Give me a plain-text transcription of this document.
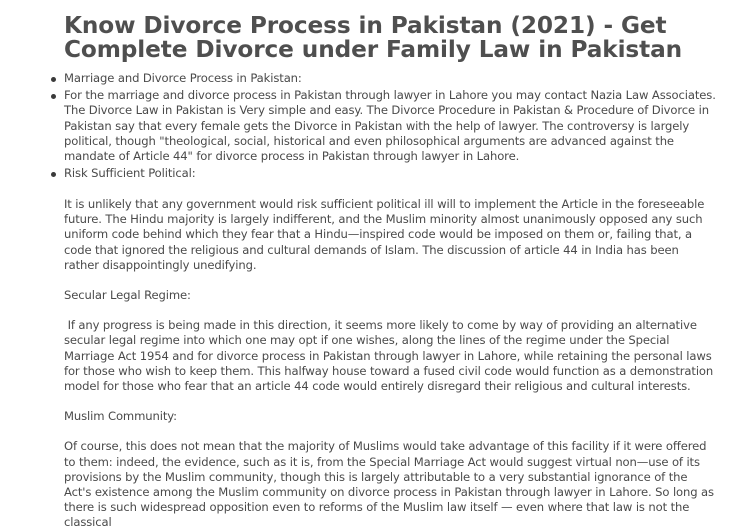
Know Divorce Process in Pakistan (2021) - Get Complete Divorce under Family Law in Pakistan
Marriage and Divorce Process in Pakistan:
For the marriage and divorce process in Pakistan through lawyer in Lahore you may contact Nazia Law Associates. The Divorce Law in Pakistan is Very simple and easy. The Divorce Procedure in Pakistan & Procedure of Divorce in Pakistan say that every female gets the Divorce in Pakistan with the help of lawyer. The controversy is largely political, though "theological, social, historical and even philosophical arguments are advanced against the mandate of Article 44" for divorce process in Pakistan through lawyer in Lahore.
Risk Sufficient Political:

It is unlikely that any government would risk sufficient political ill will to implement the Article in the foreseeable future. The Hindu majority is largely indifferent, and the Muslim minority almost unanimously opposed any such uniform code behind which they fear that a Hindu—inspired code would be imposed on them or, failing that, a code that ignored the religious and cultural demands of Islam. The discussion of article 44 in India has been rather disappointingly unedifying.

Secular Legal Regime:

If any progress is being made in this direction, it seems more likely to come by way of providing an alternative secular legal regime into which one may opt if one wishes, along the lines of the regime under the Special Marriage Act 1954 and for divorce process in Pakistan through lawyer in Lahore, while retaining the personal laws for those who wish to keep them. This halfway house toward a fused civil code would function as a demonstration model for those who fear that an article 44 code would entirely disregard their religious and cultural interests.

Muslim Community:

Of course, this does not mean that the majority of Muslims would take advantage of this facility if it were offered to them: indeed, the evidence, such as it is, from the Special Marriage Act would suggest virtual non—use of its provisions by the Muslim community, though this is largely attributable to a very substantial ignorance of the Act's existence among the Muslim community on divorce process in Pakistan through lawyer in Lahore. So long as there is such widespread opposition even to reforms of the Muslim law itself — even where that law is not the classical
